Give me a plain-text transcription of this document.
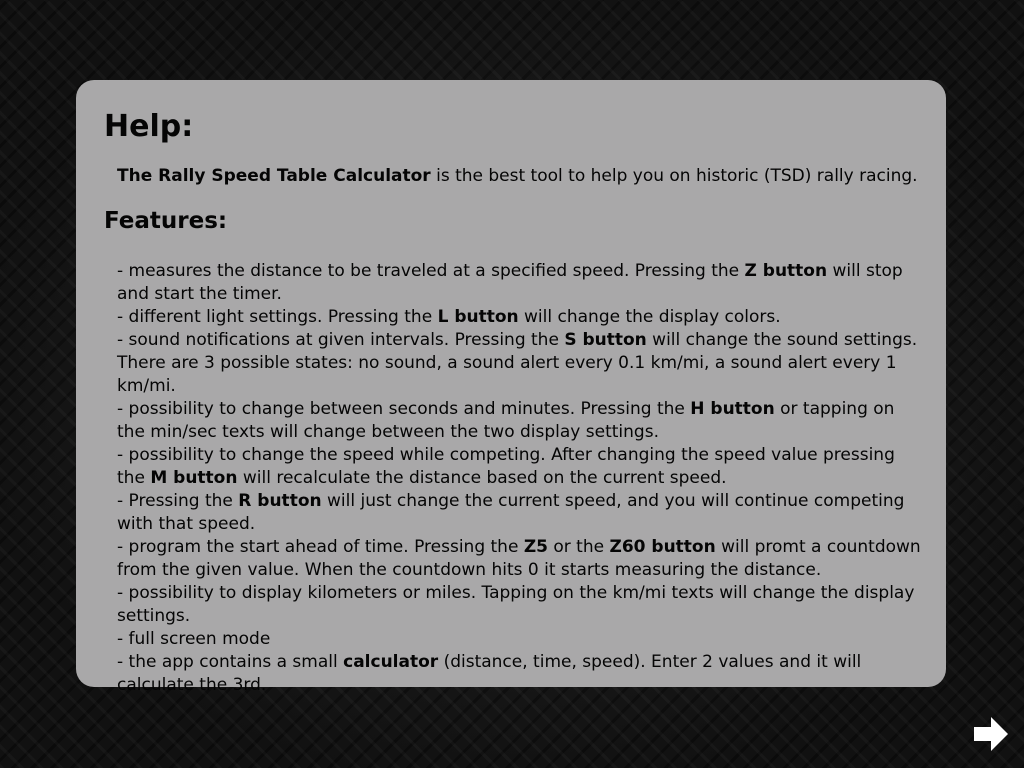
Help:
The Rally Speed Table Calculator is the best tool to help you on historic (TSD) rally racing.
Features:
- measures the distance to be traveled at a specified speed. Pressing the Z button will stop and start the timer.
- different light settings. Pressing the L button will change the display colors.
- sound notifications at given intervals. Pressing the S button will change the sound settings. There are 3 possible states: no sound, a sound alert every 0.1 km/mi, a sound alert every 1 km/mi.
- possibility to change between seconds and minutes. Pressing the H button or tapping on the min/sec texts will change between the two display settings.
- possibility to change the speed while competing. After changing the speed value pressing the M button will recalculate the distance based on the current speed.
- Pressing the R button will just change the current speed, and you will continue competing with that speed.
- program the start ahead of time. Pressing the Z5 or the Z60 button will promt a countdown from the given value. When the countdown hits 0 it starts measuring the distance.
- possibility to display kilometers or miles. Tapping on the km/mi texts will change the display settings.
- full screen mode
- the app contains a small calculator (distance, time, speed). Enter 2 values and it will calculate the 3rd.
